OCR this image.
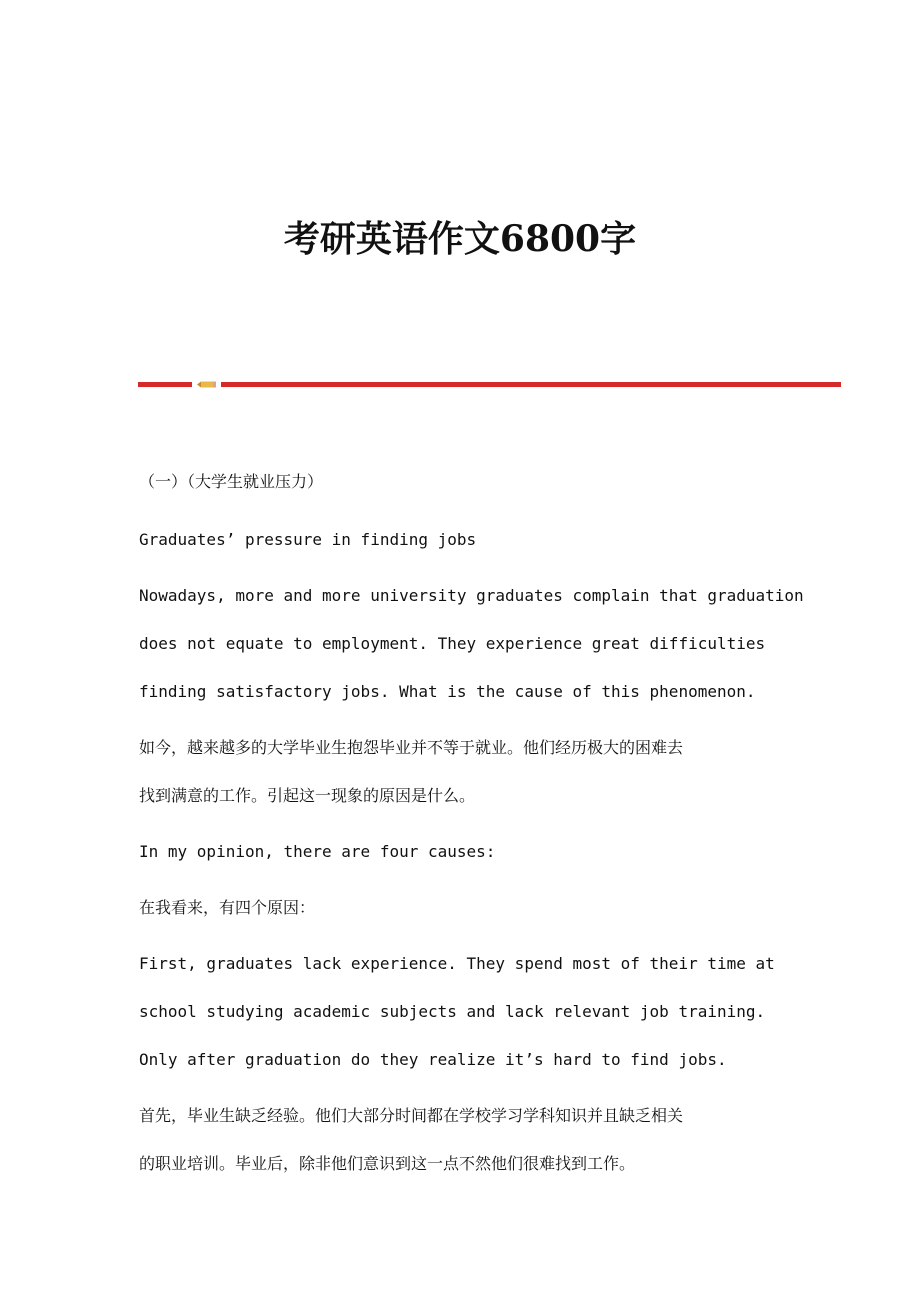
考研英语作文6800字
（一）（大学生就业压力）
Graduates’ pressure in finding jobs
Nowadays, more and more university graduates complain that graduation
does not equate to employment. They experience great difficulties
finding satisfactory jobs. What is the cause of this phenomenon.
如今，越来越多的大学毕业生抱怨毕业并不等于就业。他们经历极大的困难去
找到满意的工作。引起这一现象的原因是什么。
In my opinion, there are four causes:
在我看来，有四个原因：
First, graduates lack experience. They spend most of their time at
school studying academic subjects and lack relevant job training.
Only after graduation do they realize it’s hard to find jobs.
首先，毕业生缺乏经验。他们大部分时间都在学校学习学科知识并且缺乏相关
的职业培训。毕业后，除非他们意识到这一点不然他们很难找到工作。
